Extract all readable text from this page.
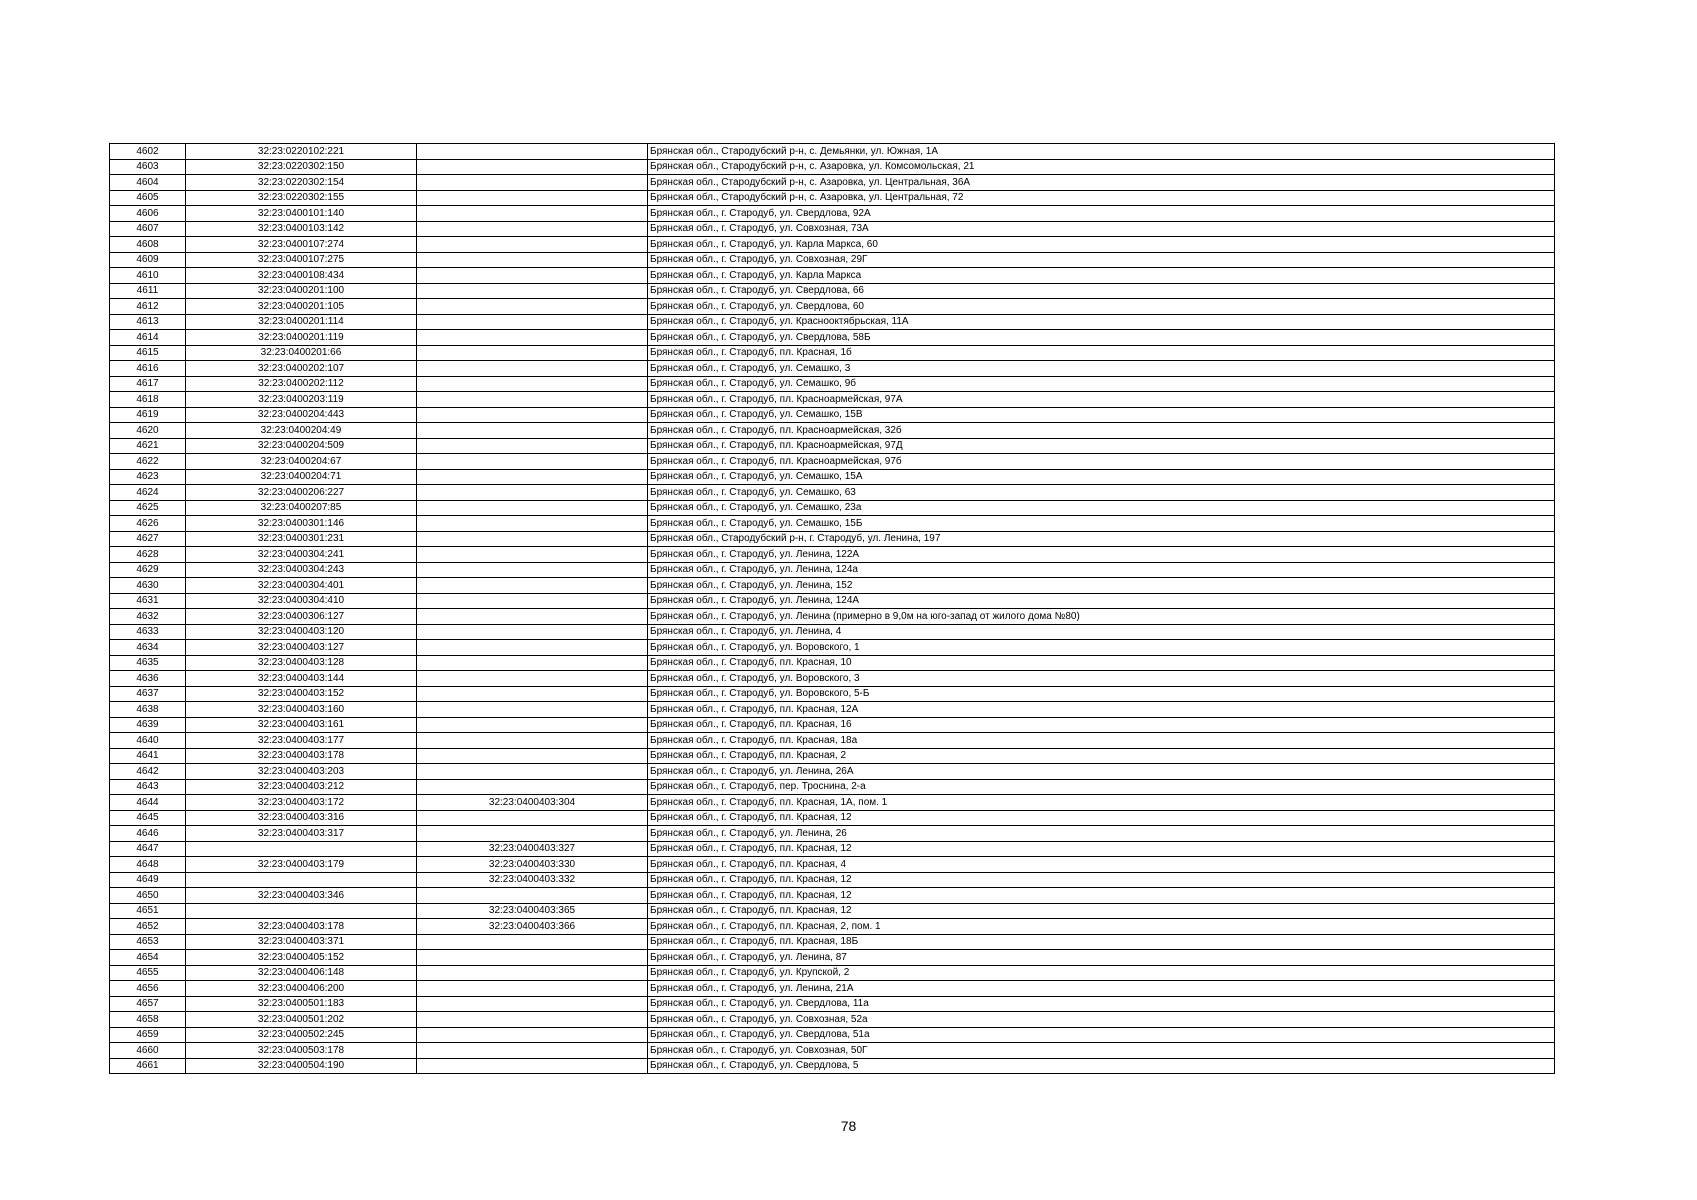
4602	32:23:0220102:221		Брянская обл., Стародубский р-н, с. Демьянки, ул. Южная, 1А
4603	32:23:0220302:150		Брянская обл., Стародубский р-н, с. Азаровка, ул. Комсомольская, 21
4604	32:23:0220302:154		Брянская обл., Стародубский р-н, с. Азаровка, ул. Центральная, 36А
4605	32:23:0220302:155		Брянская обл., Стародубский р-н, с. Азаровка, ул. Центральная, 72
4606	32:23:0400101:140		Брянская обл., г. Стародуб, ул. Свердлова, 92А
4607	32:23:0400103:142		Брянская обл., г. Стародуб, ул. Совхозная, 73А
4608	32:23:0400107:274		Брянская обл., г. Стародуб, ул. Карла Маркса, 60
4609	32:23:0400107:275		Брянская обл., г. Стародуб, ул. Совхозная, 29Г
4610	32:23:0400108:434		Брянская обл., г. Стародуб, ул. Карла Маркса
4611	32:23:0400201:100		Брянская обл., г. Стародуб, ул. Свердлова, 66
4612	32:23:0400201:105		Брянская обл., г. Стародуб, ул. Свердлова, 60
4613	32:23:0400201:114		Брянская обл., г. Стародуб, ул. Краснооктябрьская, 11А
4614	32:23:0400201:119		Брянская обл., г. Стародуб, ул. Свердлова, 58Б
4615	32:23:0400201:66		Брянская обл., г. Стародуб, пл. Красная, 1б
4616	32:23:0400202:107		Брянская обл., г. Стародуб, ул. Семашко, 3
4617	32:23:0400202:112		Брянская обл., г. Стародуб, ул. Семашко, 9б
4618	32:23:0400203:119		Брянская обл., г. Стародуб, пл. Красноармейская, 97А
4619	32:23:0400204:443		Брянская обл., г. Стародуб, ул. Семашко, 15В
4620	32:23:0400204:49		Брянская обл., г. Стародуб, пл. Красноармейская, 32б
4621	32:23:0400204:509		Брянская обл., г. Стародуб, пл. Красноармейская, 97Д
4622	32:23:0400204:67		Брянская обл., г. Стародуб, пл. Красноармейская, 97б
4623	32:23:0400204:71		Брянская обл., г. Стародуб, ул. Семашко, 15А
4624	32:23:0400206:227		Брянская обл., г. Стародуб, ул. Семашко, 63
4625	32:23:0400207:85		Брянская обл., г. Стародуб, ул. Семашко, 23а
4626	32:23:0400301:146		Брянская обл., г. Стародуб, ул. Семашко, 15Б
4627	32:23:0400301:231		Брянская обл., Стародубский р-н, г. Стародуб, ул. Ленина, 197
4628	32:23:0400304:241		Брянская обл., г. Стародуб, ул. Ленина, 122А
4629	32:23:0400304:243		Брянская обл., г. Стародуб, ул. Ленина, 124а
4630	32:23:0400304:401		Брянская обл., г. Стародуб, ул. Ленина, 152
4631	32:23:0400304:410		Брянская обл., г. Стародуб, ул. Ленина, 124А
4632	32:23:0400306:127		Брянская обл., г. Стародуб, ул. Ленина (примерно в 9,0м на юго-запад от жилого дома №80)
4633	32:23:0400403:120		Брянская обл., г. Стародуб, ул. Ленина, 4
4634	32:23:0400403:127		Брянская обл., г. Стародуб, ул. Воровского, 1
4635	32:23:0400403:128		Брянская обл., г. Стародуб, пл. Красная, 10
4636	32:23:0400403:144		Брянская обл., г. Стародуб, ул. Воровского, 3
4637	32:23:0400403:152		Брянская обл., г. Стародуб, ул. Воровского, 5-Б
4638	32:23:0400403:160		Брянская обл., г. Стародуб, пл. Красная, 12А
4639	32:23:0400403:161		Брянская обл., г. Стародуб, пл. Красная, 16
4640	32:23:0400403:177		Брянская обл., г. Стародуб, пл. Красная, 18а
4641	32:23:0400403:178		Брянская обл., г. Стародуб, пл. Красная, 2
4642	32:23:0400403:203		Брянская обл., г. Стародуб, ул. Ленина, 26А
4643	32:23:0400403:212		Брянская обл., г. Стародуб, пер. Троснина, 2-а
4644	32:23:0400403:172	32:23:0400403:304	Брянская обл., г. Стародуб, пл. Красная, 1А, пом. 1
4645	32:23:0400403:316		Брянская обл., г. Стародуб, пл. Красная, 12
4646	32:23:0400403:317		Брянская обл., г. Стародуб, ул. Ленина, 26
4647		32:23:0400403:327	Брянская обл., г. Стародуб, пл. Красная, 12
4648	32:23:0400403:179	32:23:0400403:330	Брянская обл., г. Стародуб, пл. Красная, 4
4649		32:23:0400403:332	Брянская обл., г. Стародуб, пл. Красная, 12
4650	32:23:0400403:346		Брянская обл., г. Стародуб, пл. Красная, 12
4651		32:23:0400403:365	Брянская обл., г. Стародуб, пл. Красная, 12
4652	32:23:0400403:178	32:23:0400403:366	Брянская обл., г. Стародуб, пл. Красная, 2, пом. 1
4653	32:23:0400403:371		Брянская обл., г. Стародуб, пл. Красная, 18Б
4654	32:23:0400405:152		Брянская обл., г. Стародуб, ул. Ленина, 87
4655	32:23:0400406:148		Брянская обл., г. Стародуб, ул. Крупской, 2
4656	32:23:0400406:200		Брянская обл., г. Стародуб, ул. Ленина, 21А
4657	32:23:0400501:183		Брянская обл., г. Стародуб, ул. Свердлова, 11а
4658	32:23:0400501:202		Брянская обл., г. Стародуб, ул. Совхозная, 52а
4659	32:23:0400502:245		Брянская обл., г. Стародуб, ул. Свердлова, 51а
4660	32:23:0400503:178		Брянская обл., г. Стародуб, ул. Совхозная, 50Г
4661	32:23:0400504:190		Брянская обл., г. Стародуб, ул. Свердлова, 5
78
